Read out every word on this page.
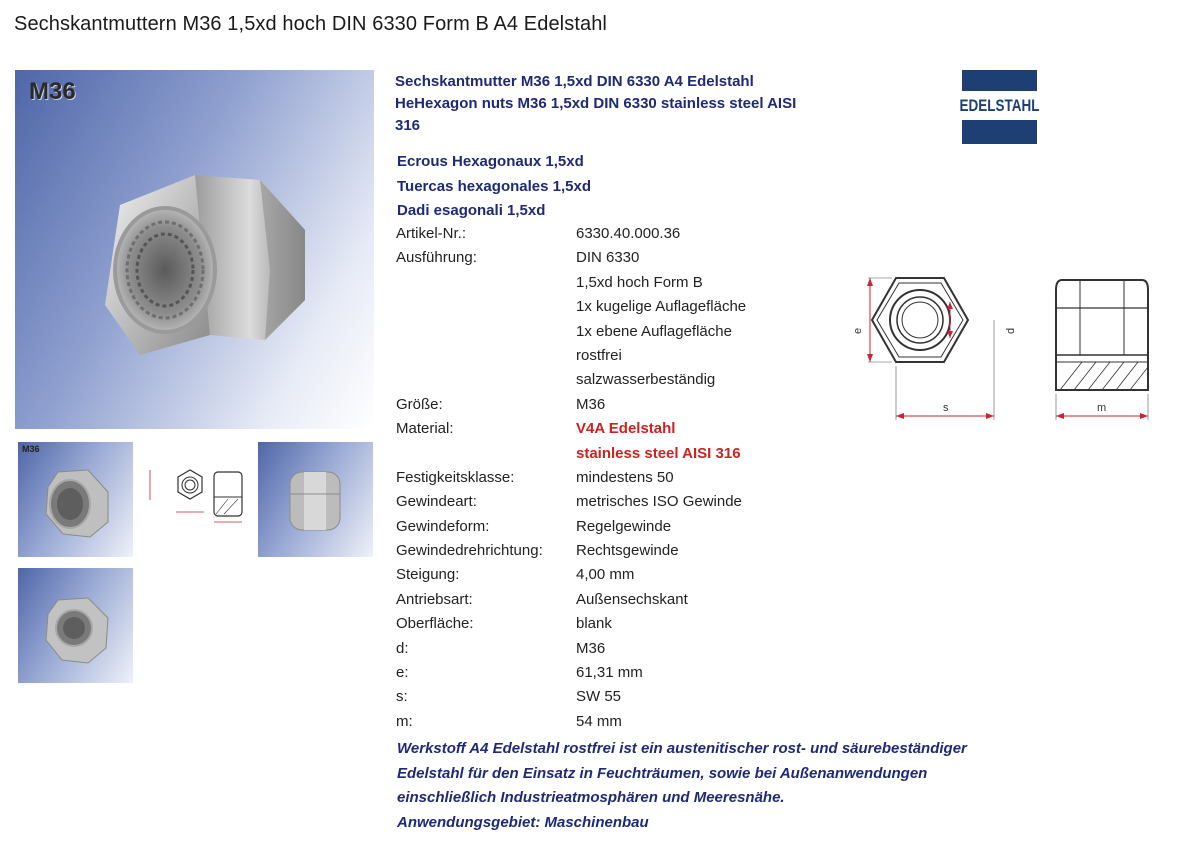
Sechskantmuttern M36 1,5xd hoch DIN 6330 Form B A4 Edelstahl
M36
M36
Sechskantmutter M36 1,5xd DIN 6330 A4 Edelstahl
HeHexagon nuts M36 1,5xd DIN 6330 stainless steel AISI
316
EDELSTAHL
Ecrous Hexagonaux 1,5xd
Tuercas hexagonales 1,5xd
Dadi esagonali 1,5xd
Artikel-Nr.:	6330.40.000.36
Ausführung:	DIN 6330
1,5xd hoch Form B
1x kugelige Auflagefläche
1x ebene Auflagefläche
rostfrei
salzwasserbeständig
Größe:	M36
Material:	V4A Edelstahl
stainless steel AISI 316
Festigkeitsklasse:	mindestens 50
Gewindeart:	metrisches ISO Gewinde
Gewindeform:	Regelgewinde
Gewindedrehrichtung:	Rechtsgewinde
Steigung:	4,00 mm
Antriebsart:	Außensechskant
Oberfläche:	blank
d:	M36
e:	61,31 mm
s:	SW 55
m:	54 mm
e	d
s	m
Werkstoff A4 Edelstahl rostfrei ist ein austenitischer rost- und säurebeständiger
Edelstahl für den Einsatz in Feuchträumen, sowie bei Außenanwendungen
einschließlich Industrieatmosphären und Meeresnähe.
Anwendungsgebiet: Maschinenbau
